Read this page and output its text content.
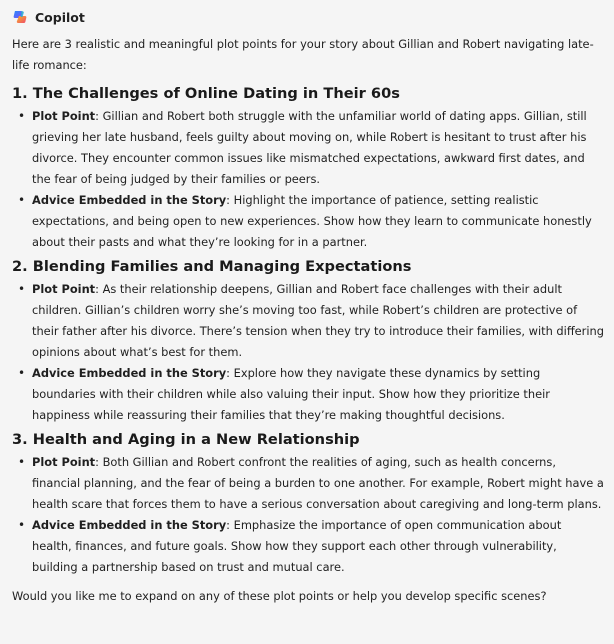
Copilot

Here are 3 realistic and meaningful plot points for your story about Gillian and Robert navigating late-life romance:

1. The Challenges of Online Dating in Their 60s
• Plot Point: Gillian and Robert both struggle with the unfamiliar world of dating apps. Gillian, still grieving her late husband, feels guilty about moving on, while Robert is hesitant to trust after his divorce. They encounter common issues like mismatched expectations, awkward first dates, and the fear of being judged by their families or peers.
• Advice Embedded in the Story: Highlight the importance of patience, setting realistic expectations, and being open to new experiences. Show how they learn to communicate honestly about their pasts and what they’re looking for in a partner.
2. Blending Families and Managing Expectations
• Plot Point: As their relationship deepens, Gillian and Robert face challenges with their adult children. Gillian’s children worry she’s moving too fast, while Robert’s children are protective of their father after his divorce. There’s tension when they try to introduce their families, with differing opinions about what’s best for them.
• Advice Embedded in the Story: Explore how they navigate these dynamics by setting boundaries with their children while also valuing their input. Show how they prioritize their happiness while reassuring their families that they’re making thoughtful decisions.
3. Health and Aging in a New Relationship
• Plot Point: Both Gillian and Robert confront the realities of aging, such as health concerns, financial planning, and the fear of being a burden to one another. For example, Robert might have a health scare that forces them to have a serious conversation about caregiving and long-term plans.
• Advice Embedded in the Story: Emphasize the importance of open communication about health, finances, and future goals. Show how they support each other through vulnerability, building a partnership based on trust and mutual care.

Would you like me to expand on any of these plot points or help you develop specific scenes?
